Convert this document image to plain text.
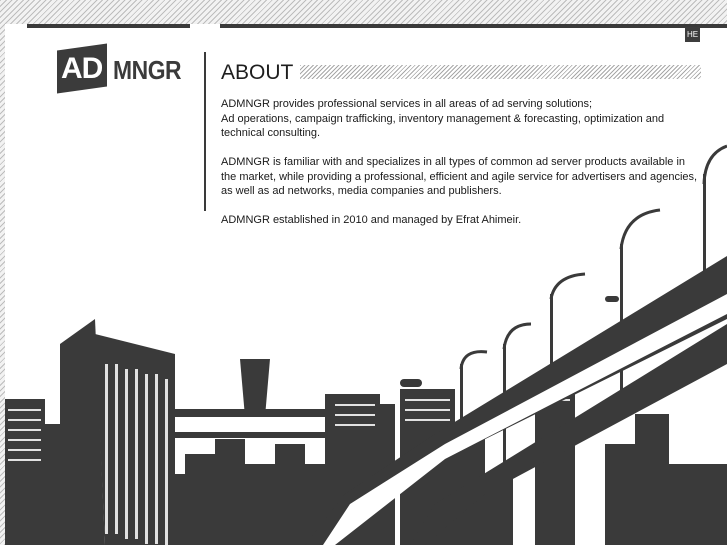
HE
AD MNGR ABOUT

ADMNGR provides professional services in all areas of ad serving solutions;
Ad operations, campaign trafficking, inventory management & forecasting, optimization and technical consulting.

ADMNGR is familiar with and specializes in all types of common ad server products available in the market, while providing a professional, efficient and agile service for advertisers and agencies, as well as ad networks, media companies and publishers.

ADMNGR established in 2010 and managed by Efrat Ahimeir.
